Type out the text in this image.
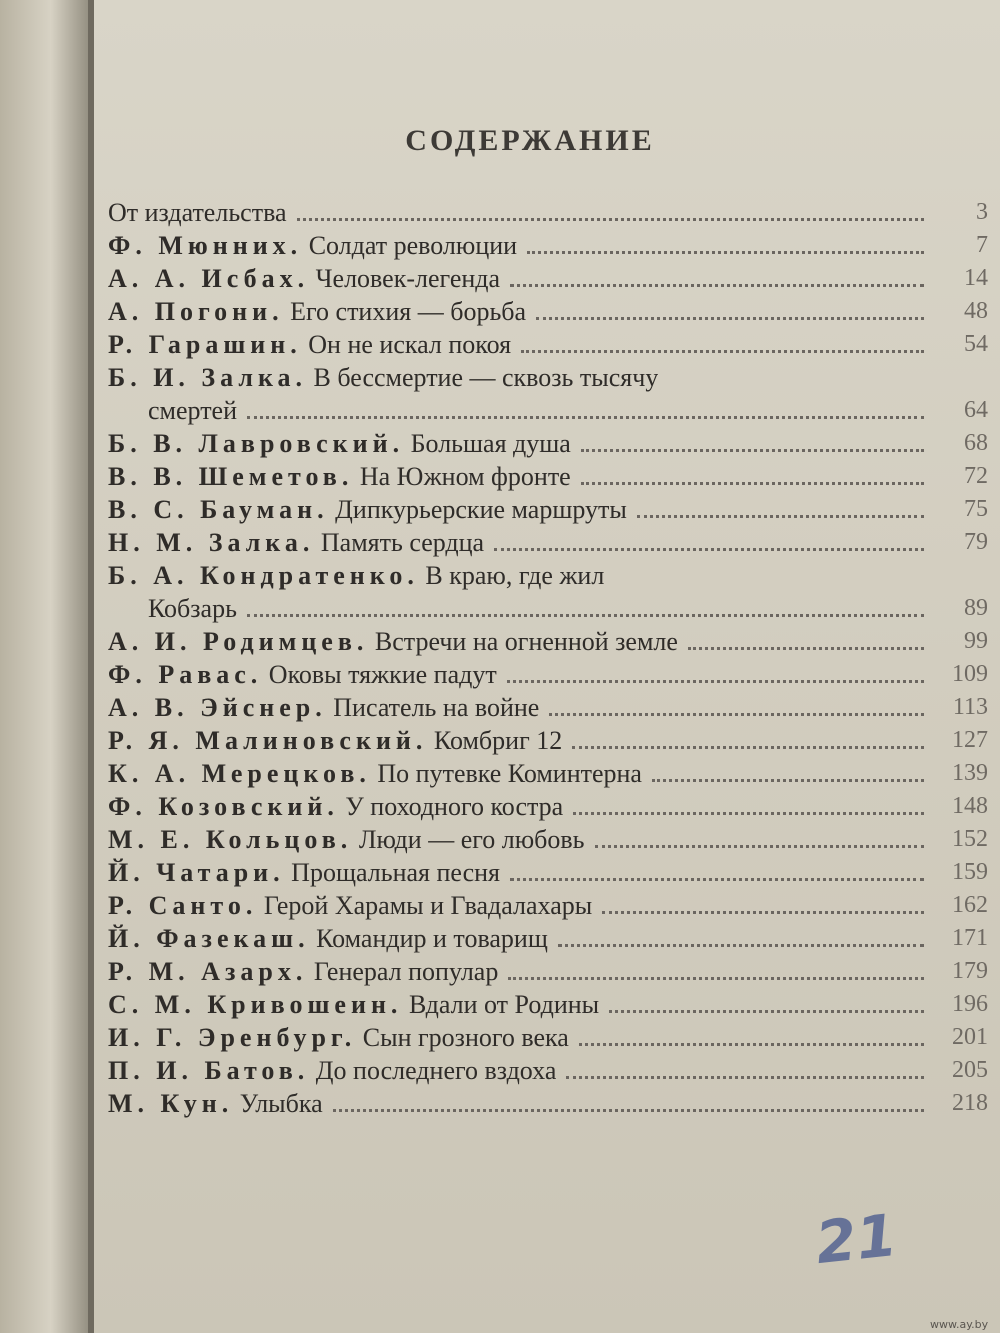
СОДЕРЖАНИЕ
От издательства	3
Ф. Мюнних. Солдат революции	7
А. А. Исбах. Человек-легенда	14
А. Погони. Его стихия — борьба	48
Р. Гарашин. Он не искал покоя	54
Б. И. Залка. В бессмертие — сквозь тысячу
смертей	64
Б. В. Лавровский. Большая душа	68
В. В. Шеметов. На Южном фронте	72
В. С. Бауман. Дипкурьерские маршруты	75
Н. М. Залка. Память сердца	79
Б. А. Кондратенко. В краю, где жил
Кобзарь	89
А. И. Родимцев. Встречи на огненной земле	99
Ф. Равас. Оковы тяжкие падут	109
А. В. Эйснер. Писатель на войне	113
Р. Я. Малиновский. Комбриг 12	127
К. А. Мерецков. По путевке Коминтерна	139
Ф. Козовский. У походного костра	148
М. Е. Кольцов. Люди — его любовь	152
Й. Чатари. Прощальная песня	159
Р. Санто. Герой Харамы и Гвадалахары	162
Й. Фазекаш. Командир и товарищ	171
Р. М. Азарх. Генерал популар	179
С. М. Кривошеин. Вдали от Родины	196
И. Г. Эренбург. Сын грозного века	201
П. И. Батов. До последнего вздоха	205
М. Кун. Улыбка	218
21
www.ay.by
